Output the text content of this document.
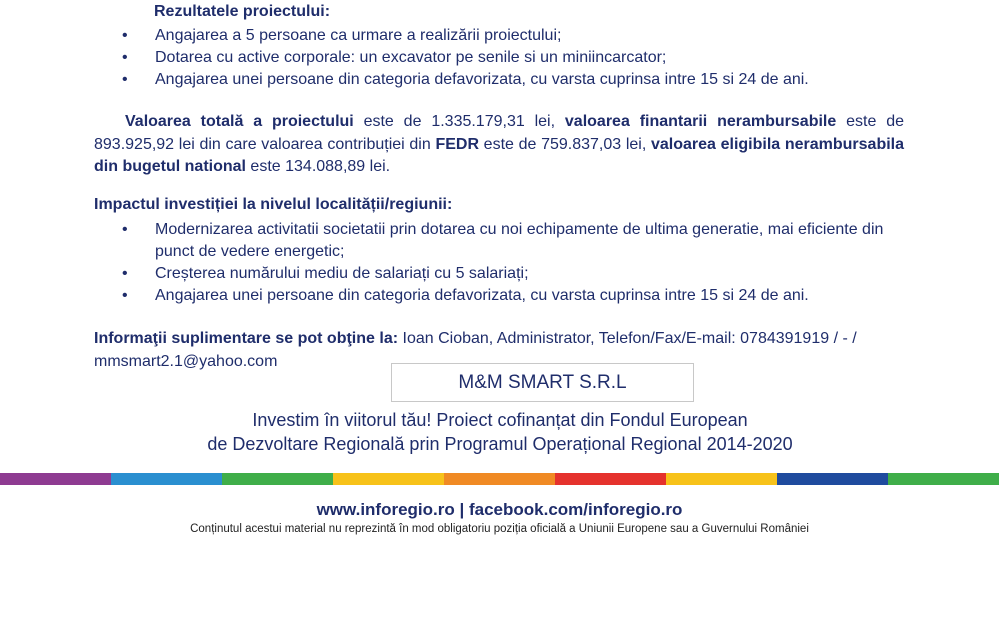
Rezultatele proiectului:
• Angajarea a 5 persoane ca urmare a realizării proiectului;
• Dotarea cu active corporale: un excavator pe senile si un miniincarcator;
• Angajarea unei persoane din categoria defavorizata, cu varsta cuprinsa intre 15 si 24 de ani.
Valoarea totală a proiectului este de 1.335.179,31 lei, valoarea finantarii nerambursabile este de 893.925,92 lei din care valoarea contribuției din FEDR este de 759.837,03 lei, valoarea eligibila nerambursabila din bugetul national este 134.088,89 lei.
Impactul investiției la nivelul localității/regiunii:
• Modernizarea activitatii societatii prin dotarea cu noi echipamente de ultima generatie, mai eficiente din punct de vedere energetic;
• Creșterea numărului mediu de salariați cu 5 salariați;
• Angajarea unei persoane din categoria defavorizata, cu varsta cuprinsa intre 15 si 24 de ani.
Informaţii suplimentare se pot obţine la: Ioan Cioban, Administrator, Telefon/Fax/E-mail: 0784391919 / - / mmsmart2.1@yahoo.com
M&M SMART S.R.L
Investim în viitorul tău! Proiect cofinanțat din Fondul European
de Dezvoltare Regională prin Programul Operațional Regional 2014-2020
www.inforegio.ro | facebook.com/inforegio.ro
Conținutul acestui material nu reprezintă în mod obligatoriu poziția oficială a Uniunii Europene sau a Guvernului României
